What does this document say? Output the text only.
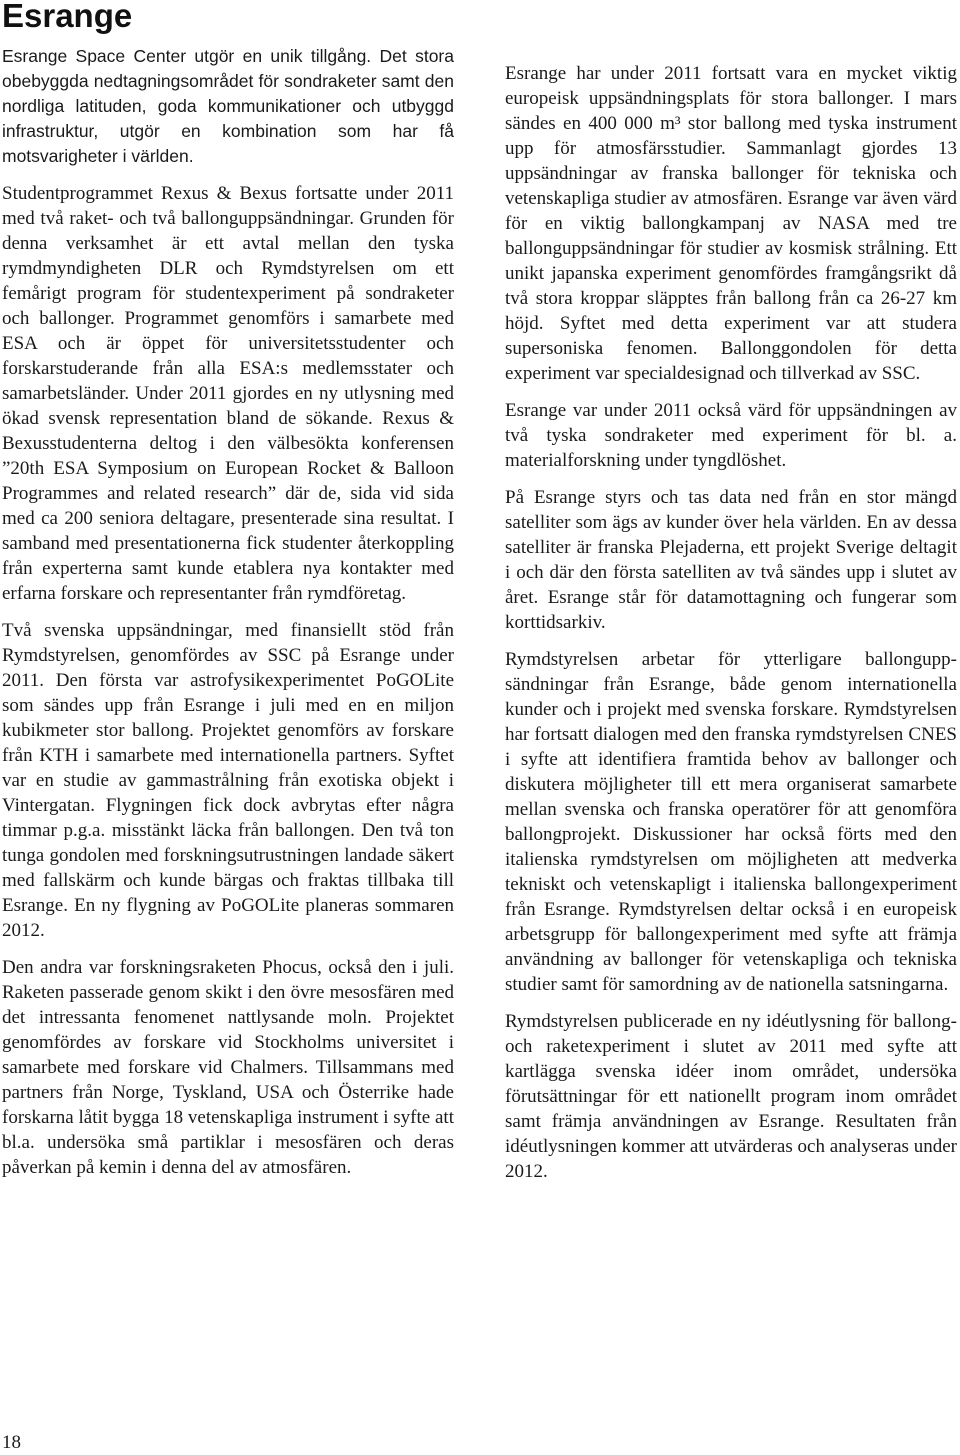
Esrange

Esrange Space Center utgör en unik tillgång. Det stora obebyggda nedtagningsområdet för sondraketer samt den nordliga latituden, goda kommunikationer och utbyggd infrastruktur, utgör en kombination som har få motsvarigheter i världen.

Studentprogrammet Rexus & Bexus fortsatte under 2011 med två raket- och två ballonguppsändningar. Grunden för denna verksamhet är ett avtal mellan den tyska rymdmyndigheten DLR och Rymdstyrelsen om ett femårigt program för studentexperiment på sondraketer och ballonger. Programmet genomförs i samarbete med ESA och är öppet för universitetsstudenter och forskarstuderande från alla ESA:s medlemsstater och samarbetsländer. Under 2011 gjordes en ny utlysning med ökad svensk representation bland de sökande. Rexus & Bexusstudenterna deltog i den välbesökta konferensen ”20th ESA Symposium on European Rocket & Balloon Programmes and related research” där de, sida vid sida med ca 200 seniora deltagare, presenterade sina resultat. I samband med presentationerna fick studenter återkoppling från experterna samt kunde etablera nya kontakter med erfarna forskare och representanter från rymdföretag.

Två svenska uppsändningar, med finansiellt stöd från Rymdstyrelsen, genomfördes av SSC på Esrange under 2011. Den första var astrofysikexperimentet PoGOLite som sändes upp från Esrange i juli med en en miljon kubikmeter stor ballong. Projektet genomförs av forskare från KTH i samarbete med internationella partners. Syftet var en studie av gammastrålning från exotiska objekt i Vintergatan. Flygningen fick dock avbrytas efter några timmar p.g.a. misstänkt läcka från ballongen. Den två ton tunga gondolen med forskningsutrustningen landade säkert med fallskärm och kunde bärgas och fraktas tillbaka till Esrange. En ny flygning av PoGOLite planeras sommaren 2012.

Den andra var forskningsraketen Phocus, också den i juli. Raketen passerade genom skikt i den övre mesosfären med det intressanta fenomenet nattlysande moln. Projektet genomfördes av forskare vid Stockholms universitet i samarbete med forskare vid Chalmers. Tillsammans med partners från Norge, Tyskland, USA och Österrike hade forskarna låtit bygga 18 vetenskapliga instrument i syfte att bl.a. undersöka små partiklar i mesosfären och deras påverkan på kemin i denna del av atmosfären.

Esrange har under 2011 fortsatt vara en mycket viktig europeisk uppsändningsplats för stora ballonger. I mars sändes en 400 000 m³ stor ballong med tyska instrument upp för atmosfärsstudier. Sammanlagt gjordes 13 uppsändningar av franska ballonger för tekniska och vetenskapliga studier av atmosfären. Esrange var även värd för en viktig ballongkampanj av NASA med tre ballonguppsändningar för studier av kosmisk strålning. Ett unikt japanska experiment genomfördes framgångsrikt då två stora kroppar släpptes från ballong från ca 26-27 km höjd. Syftet med detta experiment var att studera supersoniska fenomen. Ballonggondolen för detta experiment var specialdesignad och tillverkad av SSC.

Esrange var under 2011 också värd för uppsändningen av två tyska sondraketer med experiment för bl. a. materialforskning under tyngdlöshet.

På Esrange styrs och tas data ned från en stor mängd satelliter som ägs av kunder över hela världen. En av dessa satelliter är franska Plejaderna, ett projekt Sverige deltagit i och där den första satelliten av två sändes upp i slutet av året. Esrange står för datamottagning och fungerar som korttidsarkiv.

Rymdstyrelsen arbetar för ytterligare ballonguppsändningar från Esrange, både genom internationella kunder och i projekt med svenska forskare. Rymdstyrelsen har fortsatt dialogen med den franska rymdstyrelsen CNES i syfte att identifiera framtida behov av ballonger och diskutera möjligheter till ett mera organiserat samarbete mellan svenska och franska operatörer för att genomföra ballongprojekt. Diskussioner har också förts med den italienska rymdstyrelsen om möjligheten att medverka tekniskt och vetenskapligt i italienska ballongexperiment från Esrange. Rymdstyrelsen deltar också i en europeisk arbetsgrupp för ballongexperiment med syfte att främja användning av ballonger för vetenskapliga och tekniska studier samt för samordning av de nationella satsningarna.

Rymdstyrelsen publicerade en ny idéutlysning för ballong- och raketexperiment i slutet av 2011 med syfte att kartlägga svenska idéer inom området, undersöka förutsättningar för ett nationellt program inom området samt främja användningen av Esrange. Resultaten från idéutlysningen kommer att utvärderas och analyseras under 2012.

18
